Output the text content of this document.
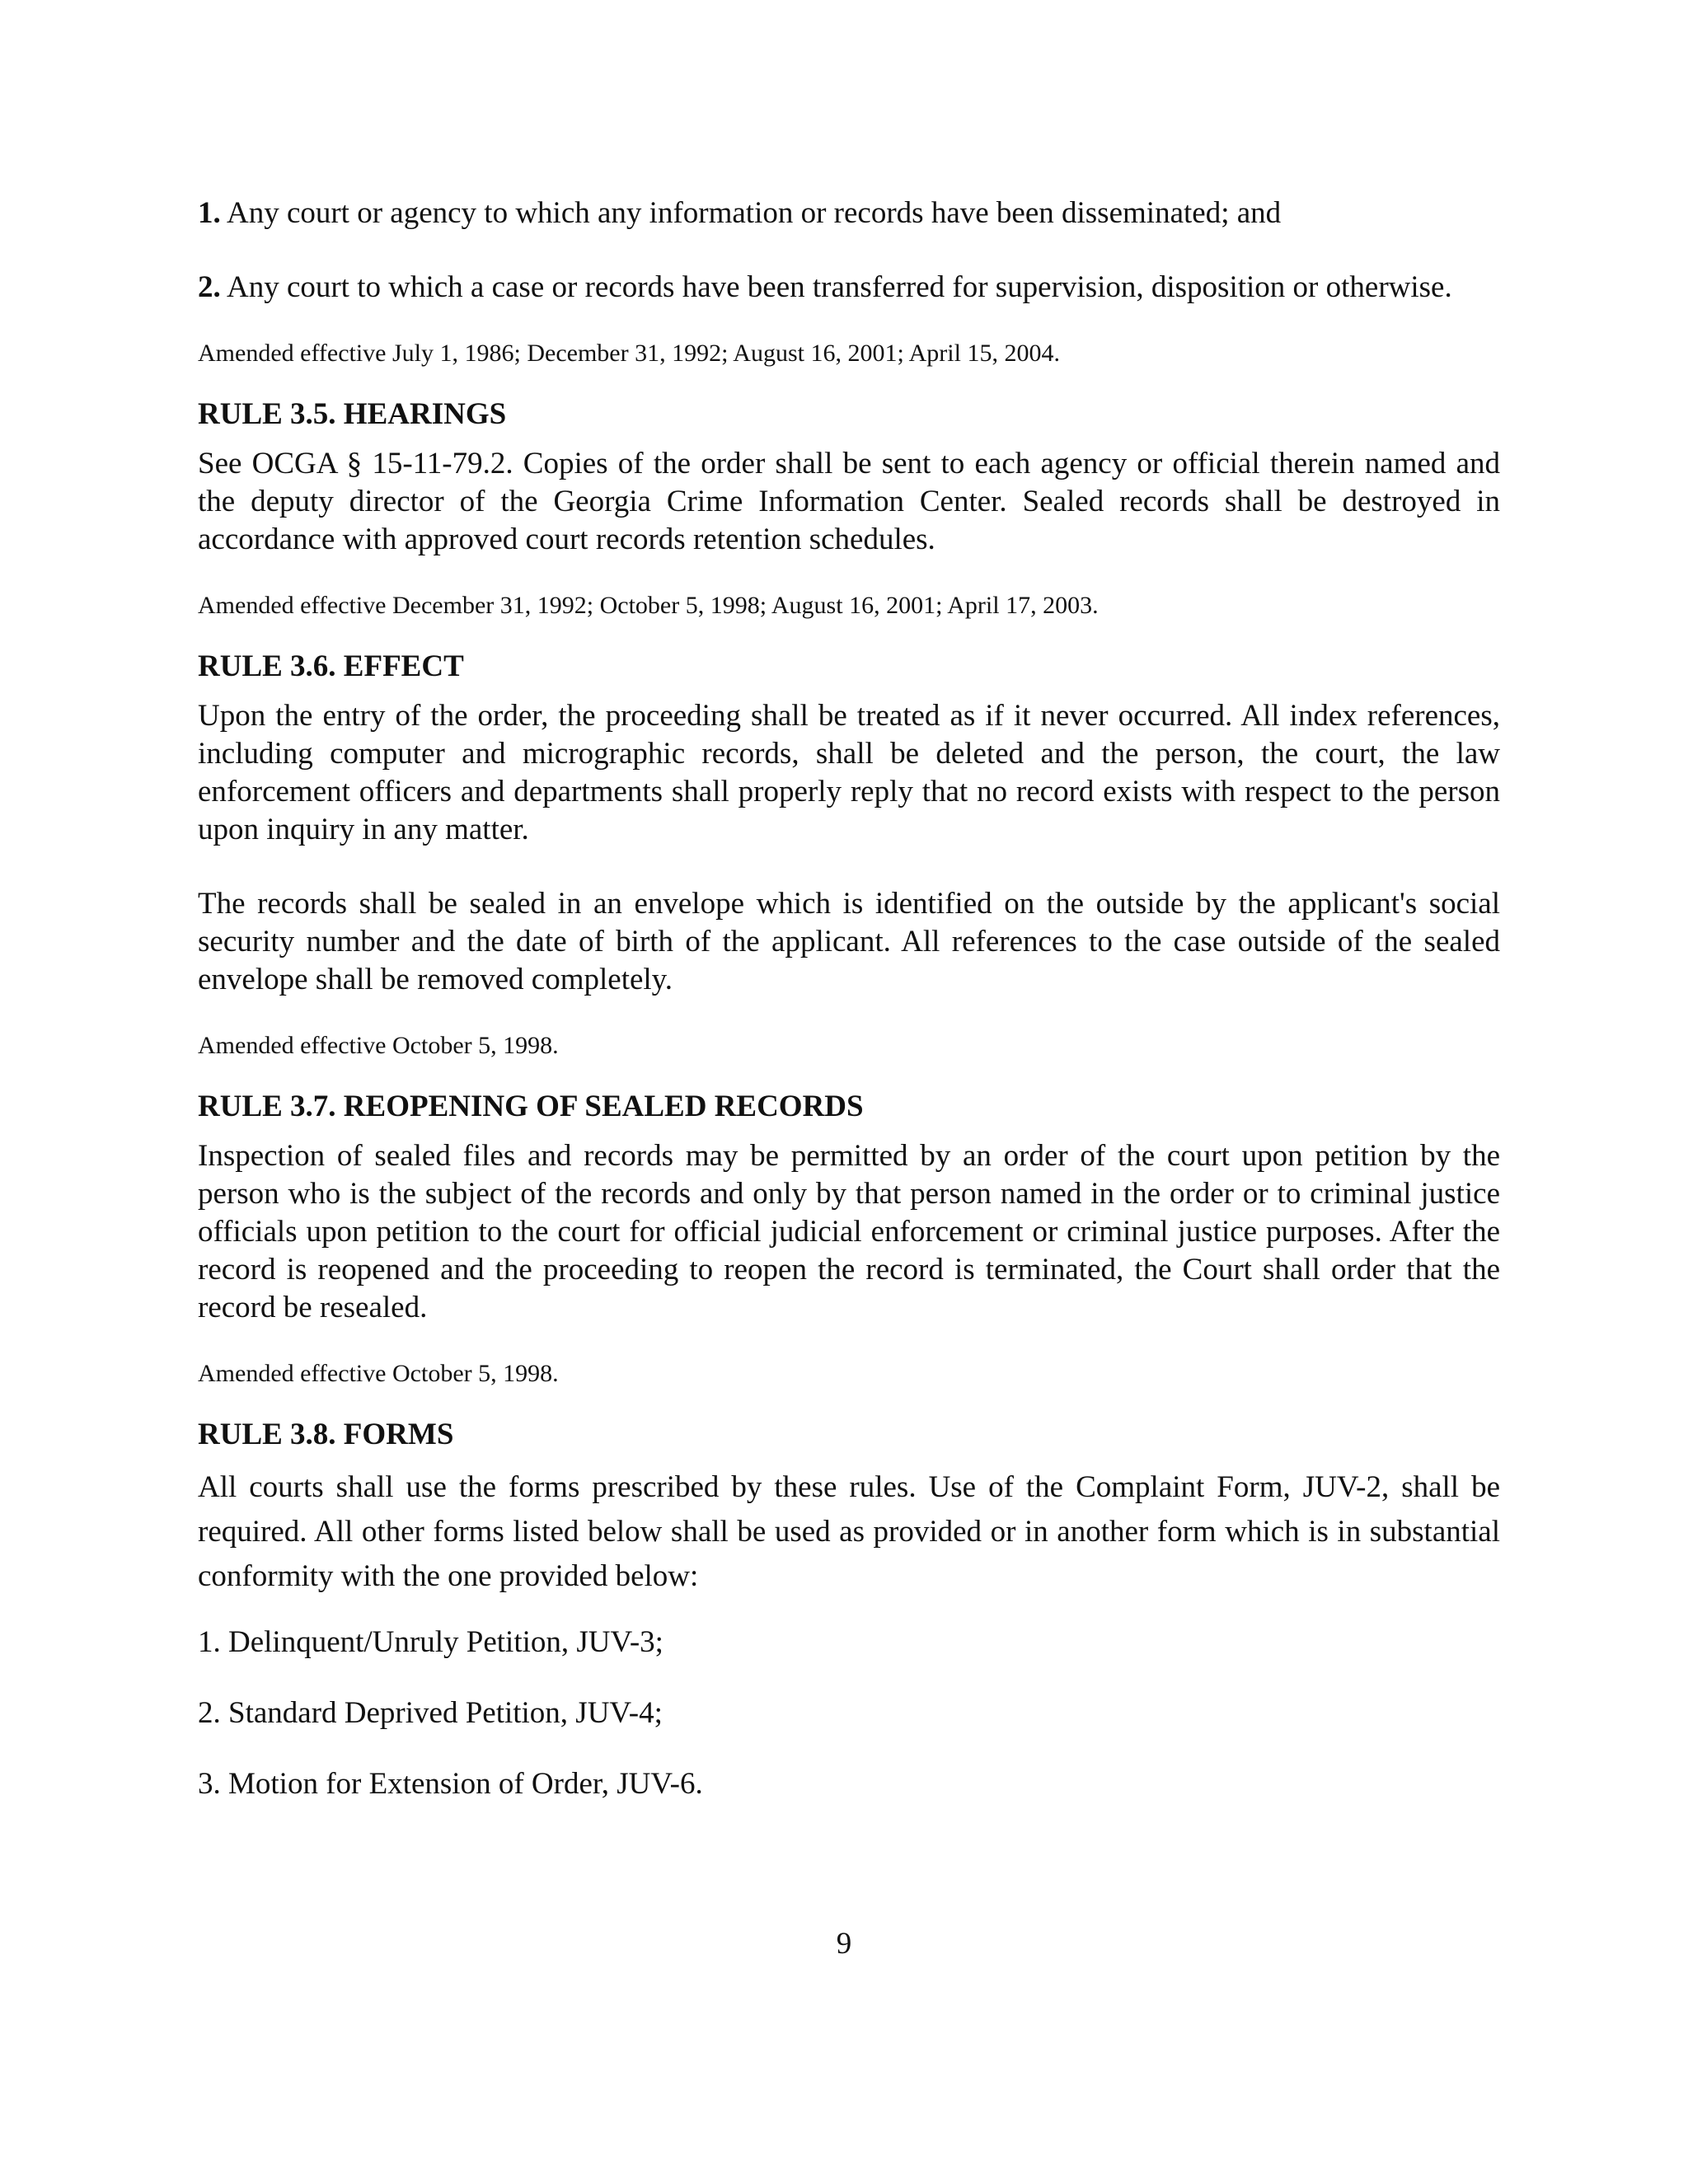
1. Any court or agency to which any information or records have been disseminated; and

2. Any court to which a case or records have been transferred for supervision, disposition or otherwise.

Amended effective July 1, 1986; December 31, 1992; August 16, 2001; April 15, 2004.

RULE 3.5. HEARINGS

See OCGA § 15-11-79.2. Copies of the order shall be sent to each agency or official therein named and the deputy director of the Georgia Crime Information Center. Sealed records shall be destroyed in accordance with approved court records retention schedules.

Amended effective December 31, 1992; October 5, 1998; August 16, 2001; April 17, 2003.

RULE 3.6. EFFECT

Upon the entry of the order, the proceeding shall be treated as if it never occurred. All index references, including computer and micrographic records, shall be deleted and the person, the court, the law enforcement officers and departments shall properly reply that no record exists with respect to the person upon inquiry in any matter.

The records shall be sealed in an envelope which is identified on the outside by the applicant's social security number and the date of birth of the applicant. All references to the case outside of the sealed envelope shall be removed completely.

Amended effective October 5, 1998.

RULE 3.7. REOPENING OF SEALED RECORDS

Inspection of sealed files and records may be permitted by an order of the court upon petition by the person who is the subject of the records and only by that person named in the order or to criminal justice officials upon petition to the court for official judicial enforcement or criminal justice purposes. After the record is reopened and the proceeding to reopen the record is terminated, the Court shall order that the record be resealed.

Amended effective October 5, 1998.

RULE 3.8. FORMS

All courts shall use the forms prescribed by these rules. Use of the Complaint Form, JUV-2, shall be required. All other forms listed below shall be used as provided or in another form which is in substantial conformity with the one provided below:

1. Delinquent/Unruly Petition, JUV-3;

2. Standard Deprived Petition, JUV-4;

3. Motion for Extension of Order, JUV-6.

9
